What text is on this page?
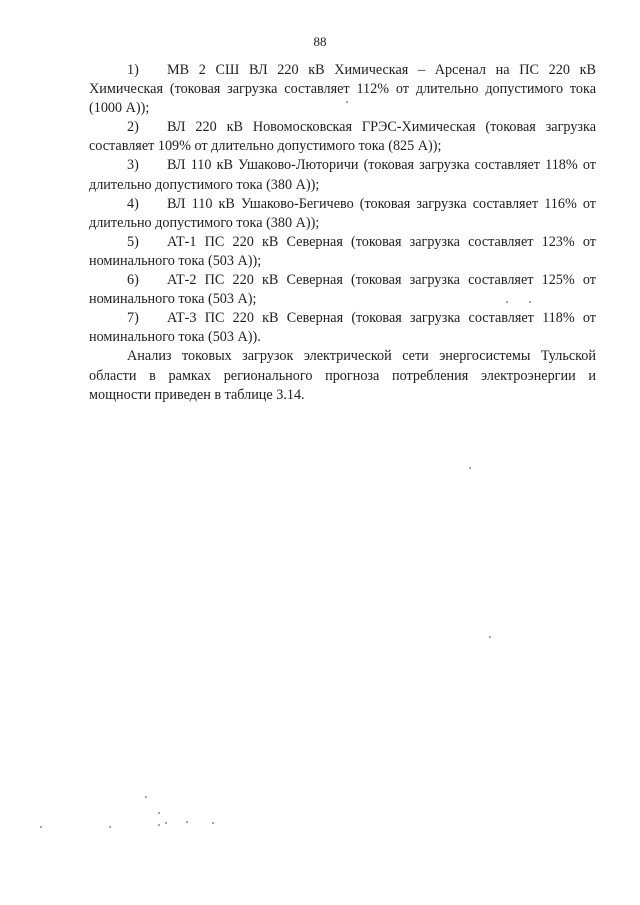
88

1) МВ 2 СШ ВЛ 220 кВ Химическая – Арсенал на ПС 220 кВ Химическая (токовая загрузка составляет 112% от длительно допустимого тока (1000 А));

2) ВЛ 220 кВ Новомосковская ГРЭС-Химическая (токовая загрузка составляет 109% от длительно допустимого тока (825 А));

3) ВЛ 110 кВ Ушаково-Люторичи (токовая загрузка составляет 118% от длительно допустимого тока (380 А));

4) ВЛ 110 кВ Ушаково-Бегичево (токовая загрузка составляет 116% от длительно допустимого тока (380 А));

5) АТ-1 ПС 220 кВ Северная (токовая загрузка составляет 123% от номинального тока (503 А));

6) АТ-2 ПС 220 кВ Северная (токовая загрузка составляет 125% от номинального тока (503 А);

7) АТ-3 ПС 220 кВ Северная (токовая загрузка составляет 118% от номинального тока (503 А)).

Анализ токовых загрузок электрической сети энергосистемы Тульской области в рамках регионального прогноза потребления электроэнергии и мощности приведен в таблице 3.14.
